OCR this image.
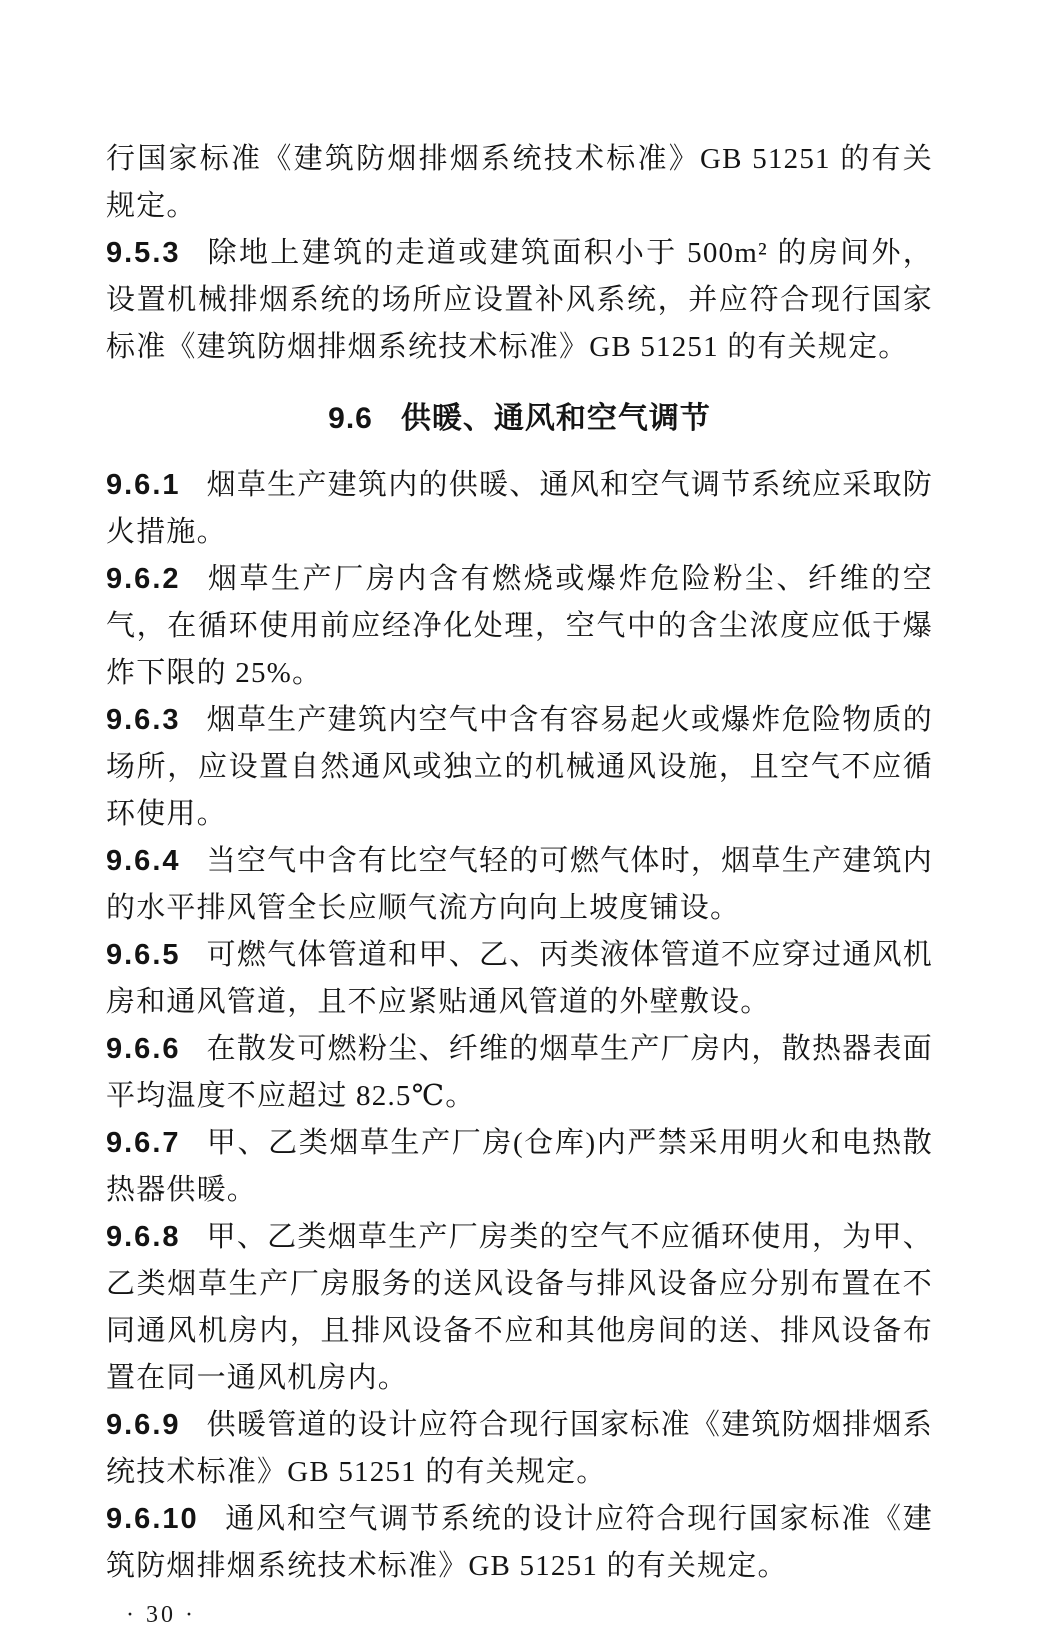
行国家标准《建筑防烟排烟系统技术标准》GB 51251 的有关规定。

9.5.3 除地上建筑的走道或建筑面积小于 500m² 的房间外，设置机械排烟系统的场所应设置补风系统，并应符合现行国家标准《建筑防烟排烟系统技术标准》GB 51251 的有关规定。

9.6 供暖、通风和空气调节

9.6.1 烟草生产建筑内的供暖、通风和空气调节系统应采取防火措施。

9.6.2 烟草生产厂房内含有燃烧或爆炸危险粉尘、纤维的空气，在循环使用前应经净化处理，空气中的含尘浓度应低于爆炸下限的 25%。

9.6.3 烟草生产建筑内空气中含有容易起火或爆炸危险物质的场所，应设置自然通风或独立的机械通风设施，且空气不应循环使用。

9.6.4 当空气中含有比空气轻的可燃气体时，烟草生产建筑内的水平排风管全长应顺气流方向向上坡度铺设。

9.6.5 可燃气体管道和甲、乙、丙类液体管道不应穿过通风机房和通风管道，且不应紧贴通风管道的外壁敷设。

9.6.6 在散发可燃粉尘、纤维的烟草生产厂房内，散热器表面平均温度不应超过 82.5℃。

9.6.7 甲、乙类烟草生产厂房(仓库)内严禁采用明火和电热散热器供暖。

9.6.8 甲、乙类烟草生产厂房类的空气不应循环使用，为甲、乙类烟草生产厂房服务的送风设备与排风设备应分别布置在不同通风机房内，且排风设备不应和其他房间的送、排风设备布置在同一通风机房内。

9.6.9 供暖管道的设计应符合现行国家标准《建筑防烟排烟系统技术标准》GB 51251 的有关规定。

9.6.10 通风和空气调节系统的设计应符合现行国家标准《建筑防烟排烟系统技术标准》GB 51251 的有关规定。

· 30 ·
